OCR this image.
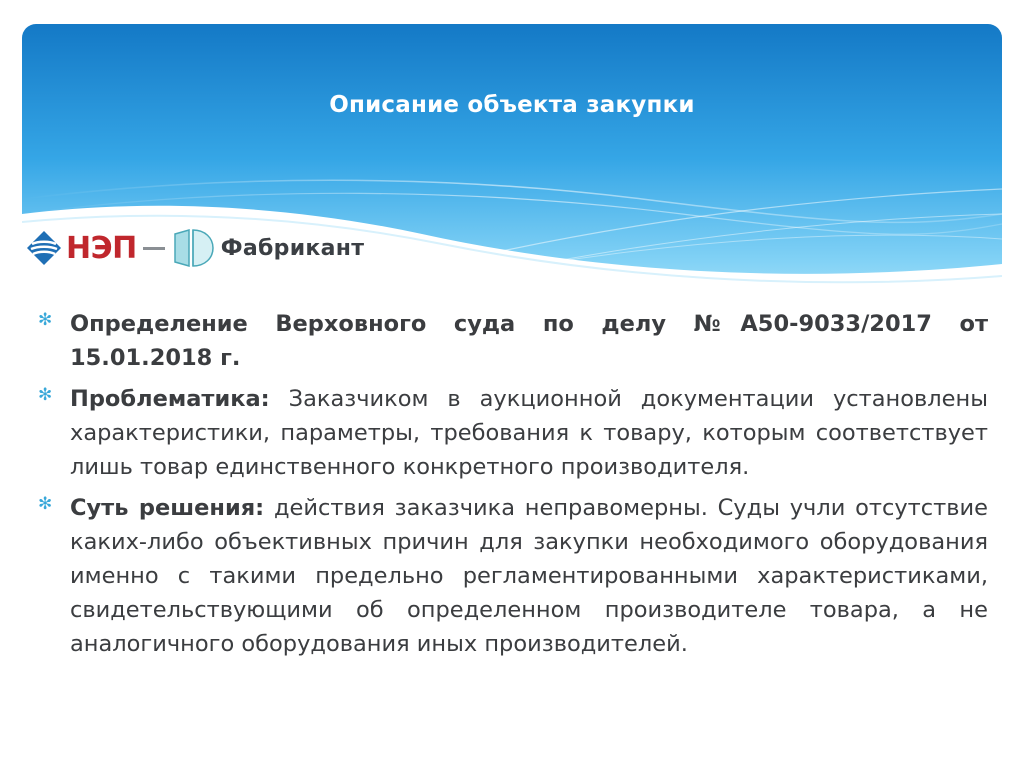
Описание объекта закупки
НЭП	Фабрикант
✻ Определение Верховного суда по делу №А50-9033/2017 от 15.01.2018 г.

✻ Проблематика: Заказчиком в аукционной документации установлены характеристики, параметры, требования к товару, которым соответствует лишь товар единственного конкретного производителя.

✻ Суть решения: действия заказчика неправомерны. Суды учли отсутствие каких-либо объективных причин для закупки необходимого оборудования именно с такими предельно регламентированными характеристиками, свидетельствующими об определенном производителе товара, а не аналогичного оборудования иных производителей.
